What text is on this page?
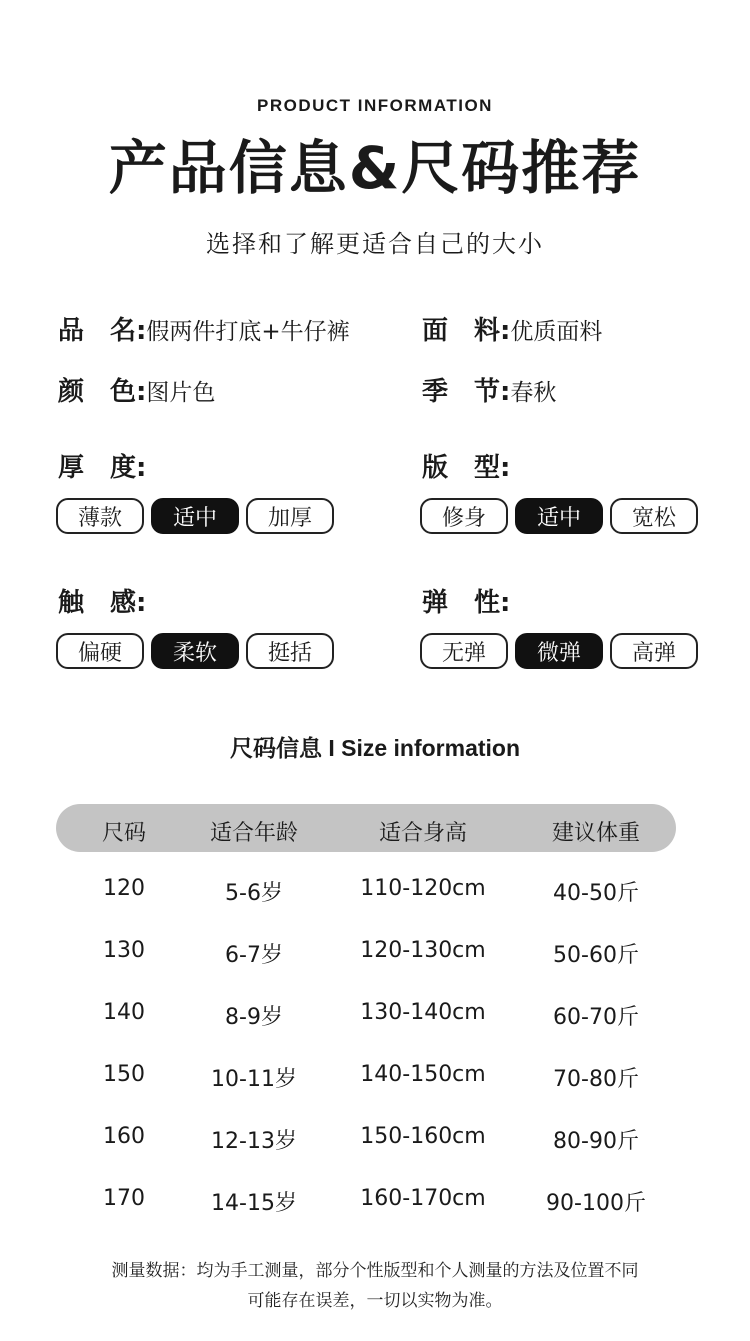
PRODUCT INFORMATION
产品信息&尺码推荐
选择和了解更适合自己的大小
品　名:假两件打底+牛仔裤	面　料:优质面料
颜　色:图片色	季　节:春秋
厚　度:
薄款	适中	加厚
版　型:
修身	适中	宽松
触　感:
偏硬	柔软	挺括
弹　性:
无弹	微弹	高弹
尺码信息 I Size information
尺码	适合年龄	适合身高	建议体重
120	5-6岁	110-120cm	40-50斤
130	6-7岁	120-130cm	50-60斤
140	8-9岁	130-140cm	60-70斤
150	10-11岁	140-150cm	70-80斤
160	12-13岁	150-160cm	80-90斤
170	14-15岁	160-170cm	90-100斤
测量数据：均为手工测量，部分个性版型和个人测量的方法及位置不同
可能存在误差，一切以实物为准。
